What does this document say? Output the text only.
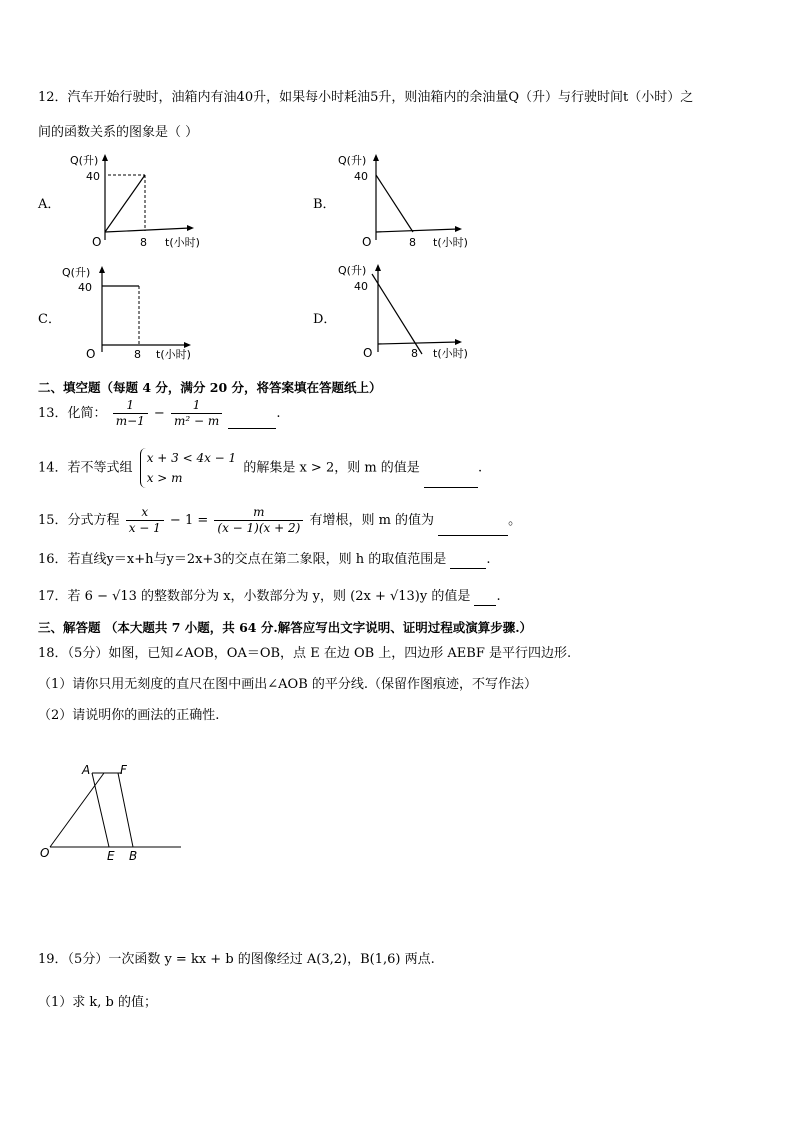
12．汽车开始行驶时，油箱内有油40升，如果每小时耗油5升，则油箱内的余油量Q（升）与行驶时间t（小时）之
间的函数关系的图象是（ ）
A．
Q(升)
40
O	8 t(小时)
B．
Q(升)
40
O	8 t(小时)
C．
Q(升)
40
O	8 t(小时)
D．
Q(升)
40
O	8 t(小时)
二、填空题（每题 4 分，满分 20 分，将答案填在答题纸上）
13．化简： $\frac{1}{m-1} - \frac{1}{\text{m² − m}}$	.
14．若不等式组
x + 3 < 4x − 1
x > m
的解集是 x > 2，则 m 的值是	.
15．分式方程 $\frac{x}{x - 1} - 1 = \frac{m}{(x - 1)(x + 2)}$ 有增根，则 m 的值为	。
16．若直线y＝x+h与y＝2x+3的交点在第二象限，则 h 的取值范围是	.
17．若 6 − √13 的整数部分为 x，小数部分为 y，则 (2x + √13)y 的值是 .
三、解答题 （本大题共 7 小题，共 64 分.解答应写出文字说明、证明过程或演算步骤.）
18．（5分）如图，已知∠AOB，OA＝OB，点 E 在边 OB 上，四边形 AEBF 是平行四边形.
（1）请你只用无刻度的直尺在图中画出∠AOB 的平分线.（保留作图痕迹，不写作法）
（2）请说明你的画法的正确性.
A F
O	E B
19．（5分）一次函数 y = kx + b 的图像经过 A(3,2)，B(1,6) 两点.
（1）求 k, b 的值；
